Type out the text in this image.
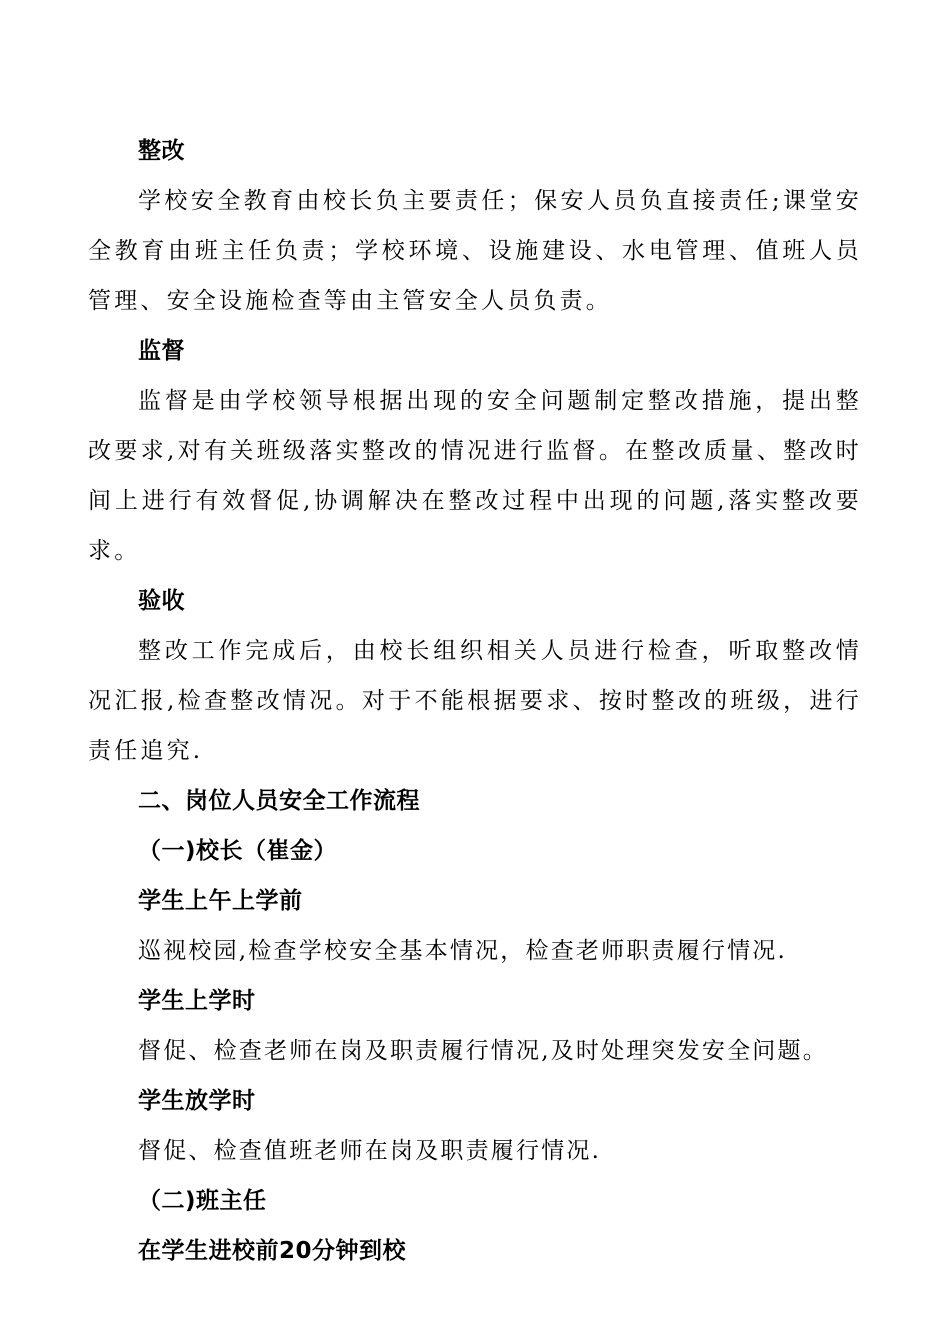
整改

学校安全教育由校长负主要责任；保安人员负直接责任;课堂安全教育由班主任负责；学校环境、设施建设、水电管理、值班人员管理、安全设施检查等由主管安全人员负责。

监督

监督是由学校领导根据出现的安全问题制定整改措施，提出整改要求,对有关班级落实整改的情况进行监督。在整改质量、整改时间上进行有效督促,协调解决在整改过程中出现的问题,落实整改要求。

验收

整改工作完成后，由校长组织相关人员进行检查，听取整改情况汇报,检查整改情况。对于不能根据要求、按时整改的班级，进行责任追究.

二、岗位人员安全工作流程
（一)校长（崔金）
学生上午上学前

巡视校园,检查学校安全基本情况，检查老师职责履行情况.

学生上学时

督促、检查老师在岗及职责履行情况,及时处理突发安全问题。

学生放学时

督促、检查值班老师在岗及职责履行情况.

（二)班主任
在学生进校前20分钟到校
